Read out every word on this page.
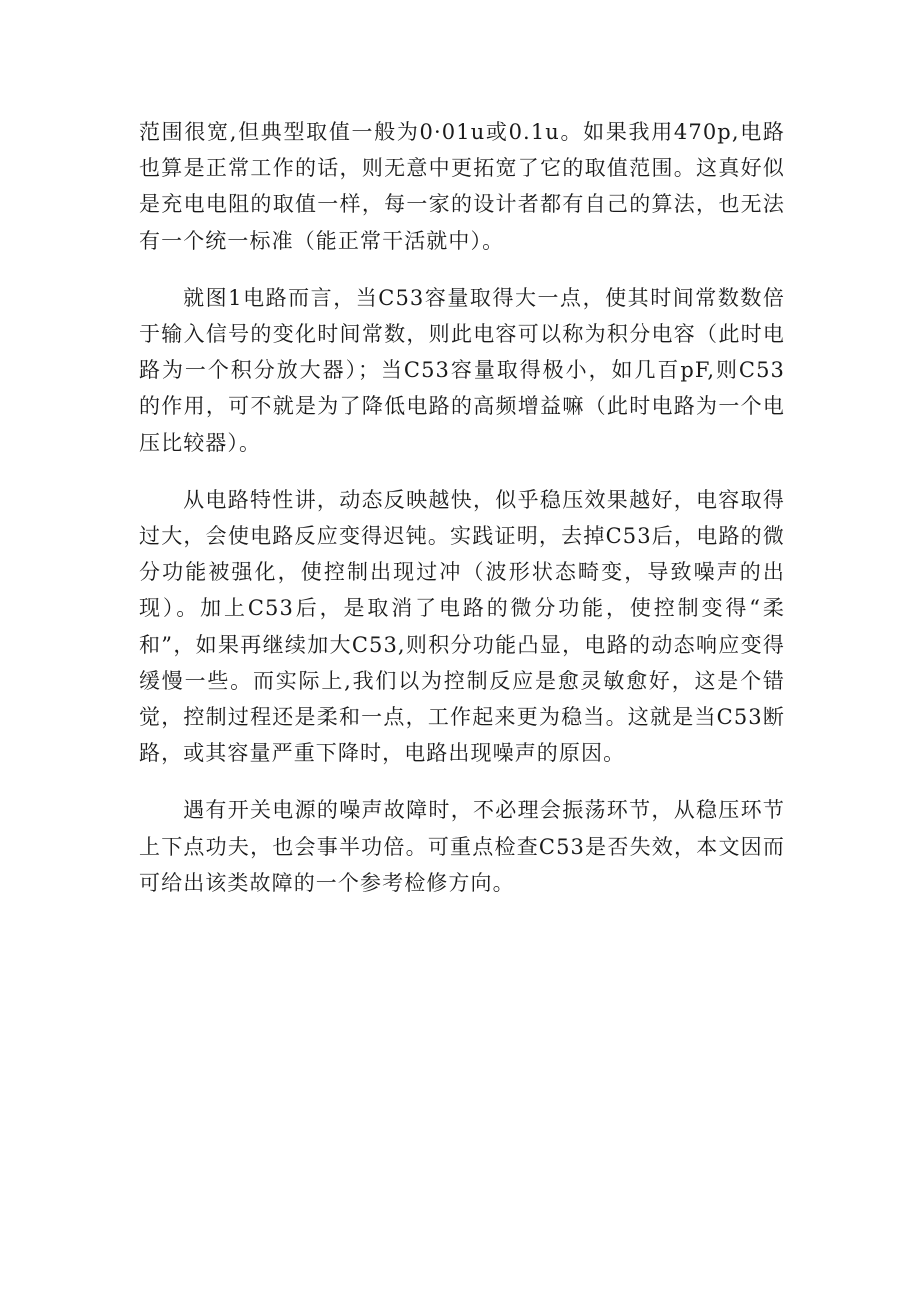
范围很宽,但典型取值一般为0·01u或0.1u。如果我用470p,电路也算是正常工作的话，则无意中更拓宽了它的取值范围。这真好似是充电电阻的取值一样，每一家的设计者都有自己的算法，也无法有一个统一标准（能正常干活就中）。

就图1电路而言，当C53容量取得大一点，使其时间常数数倍于输入信号的变化时间常数，则此电容可以称为积分电容（此时电路为一个积分放大器）；当C53容量取得极小，如几百pF,则C53的作用，可不就是为了降低电路的高频增益嘛（此时电路为一个电压比较器）。

从电路特性讲，动态反映越快，似乎稳压效果越好，电容取得过大，会使电路反应变得迟钝。实践证明，去掉C53后，电路的微分功能被强化，使控制出现过冲（波形状态畸变，导致噪声的出现）。加上C53后，是取消了电路的微分功能，使控制变得“柔和”，如果再继续加大C53,则积分功能凸显，电路的动态响应变得缓慢一些。而实际上,我们以为控制反应是愈灵敏愈好，这是个错觉，控制过程还是柔和一点，工作起来更为稳当。这就是当C53断路，或其容量严重下降时，电路出现噪声的原因。

遇有开关电源的噪声故障时，不必理会振荡环节，从稳压环节上下点功夫，也会事半功倍。可重点检查C53是否失效，本文因而可给出该类故障的一个参考检修方向。
